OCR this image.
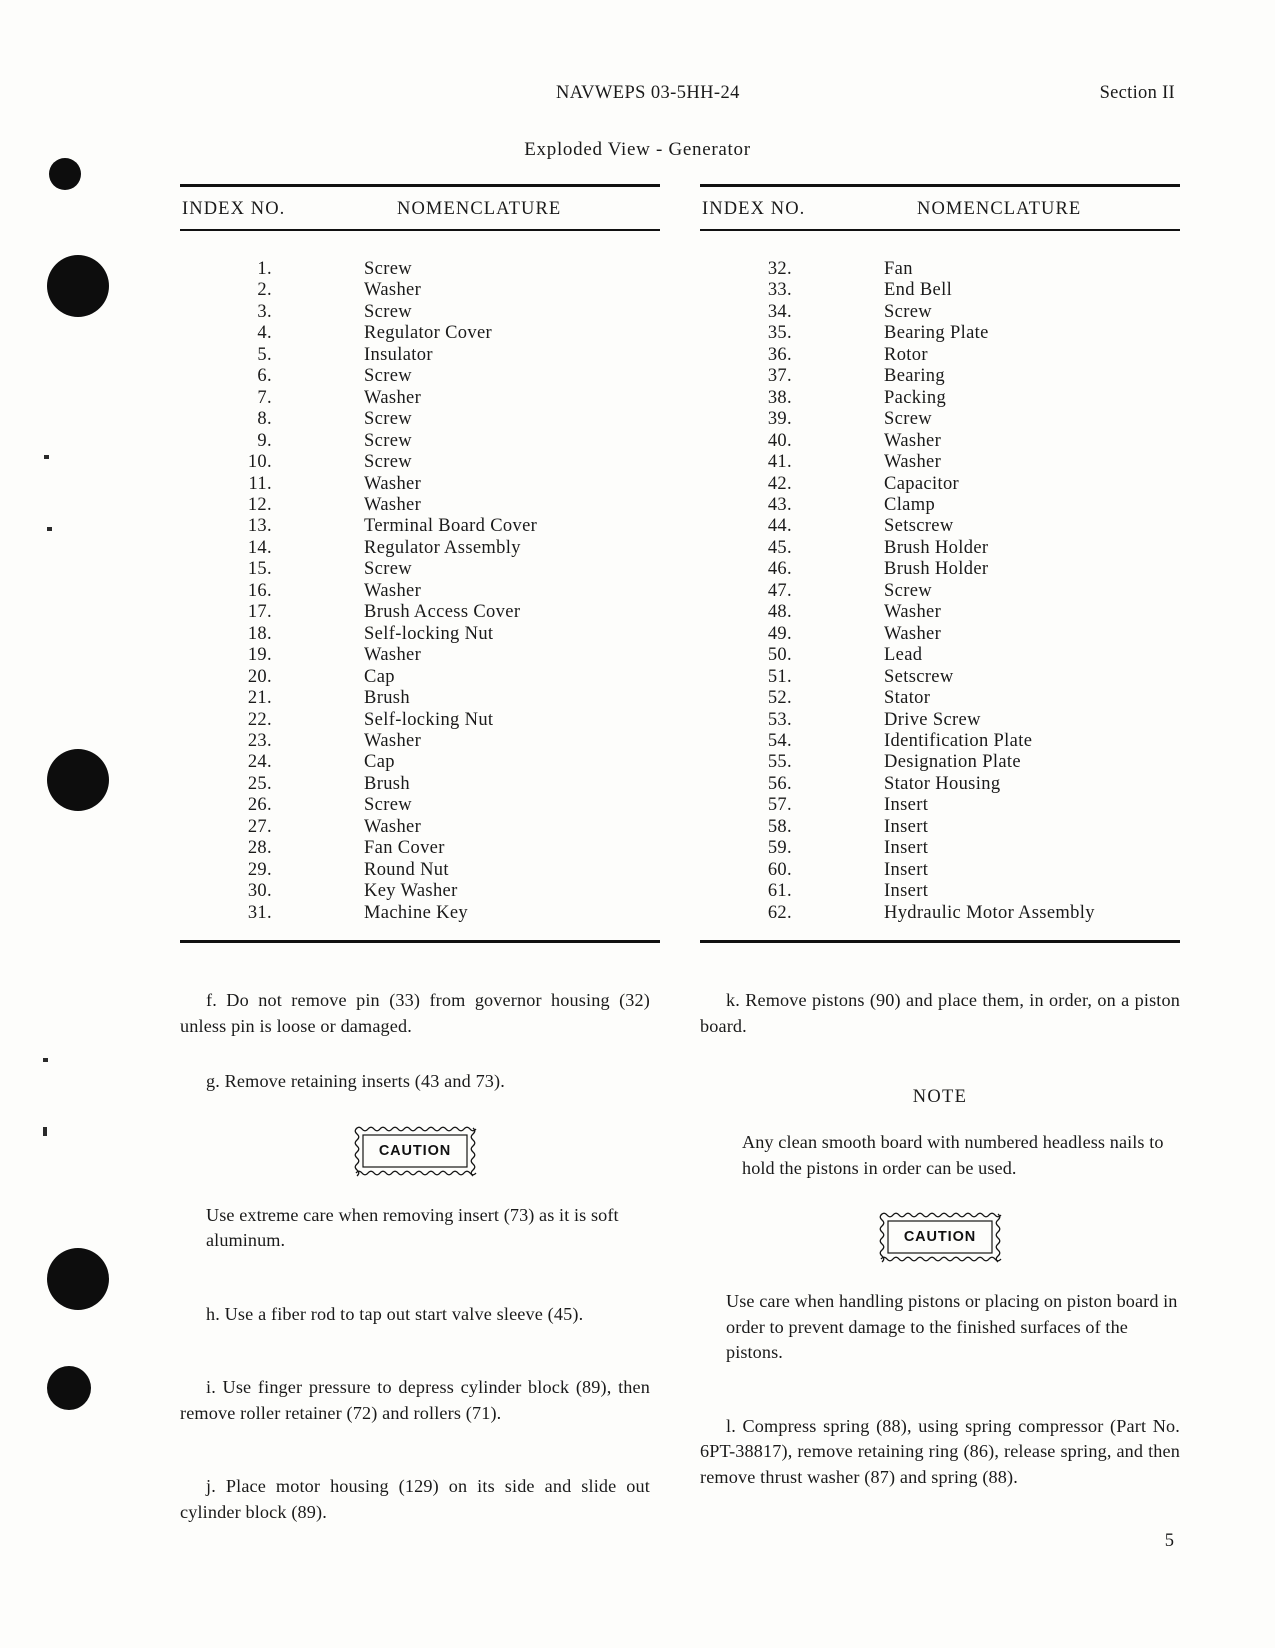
NAVWEPS 03-5HH-24	Section II
Exploded View - Generator
INDEX NO.	NOMENCLATURE
1.	Screw
2.	Washer
3.	Screw
4.	Regulator Cover
5.	Insulator
6.	Screw
7.	Washer
8.	Screw
9.	Screw
10.	Screw
11.	Washer
12.	Washer
13.	Terminal Board Cover
14.	Regulator Assembly
15.	Screw
16.	Washer
17.	Brush Access Cover
18.	Self-locking Nut
19.	Washer
20.	Cap
21.	Brush
22.	Self-locking Nut
23.	Washer
24.	Cap
25.	Brush
26.	Screw
27.	Washer
28.	Fan Cover
29.	Round Nut
30.	Key Washer
31.	Machine Key
INDEX NO.	NOMENCLATURE
32.	Fan
33.	End Bell
34.	Screw
35.	Bearing Plate
36.	Rotor
37.	Bearing
38.	Packing
39.	Screw
40.	Washer
41.	Washer
42.	Capacitor
43.	Clamp
44.	Setscrew
45.	Brush Holder
46.	Brush Holder
47.	Screw
48.	Washer
49.	Washer
50.	Lead
51.	Setscrew
52.	Stator
53.	Drive Screw
54.	Identification Plate
55.	Designation Plate
56.	Stator Housing
57.	Insert
58.	Insert
59.	Insert
60.	Insert
61.	Insert
62.	Hydraulic Motor Assembly

f. Do not remove pin (33) from governor housing (32) unless pin is loose or damaged.

g. Remove retaining inserts (43 and 73).

CAUTION

Use extreme care when removing insert (73) as it is soft aluminum.

h. Use a fiber rod to tap out start valve sleeve (45).

i. Use finger pressure to depress cylinder block (89), then remove roller retainer (72) and rollers (71).

j. Place motor housing (129) on its side and slide out cylinder block (89).

k. Remove pistons (90) and place them, in order, on a piston board.

NOTE

Any clean smooth board with numbered headless nails to hold the pistons in order can be used.

CAUTION

Use care when handling pistons or placing on piston board in order to prevent damage to the finished surfaces of the pistons.

l. Compress spring (88), using spring compressor (Part No. 6PT-38817), remove retaining ring (86), release spring, and then remove thrust washer (87) and spring (88).

5
